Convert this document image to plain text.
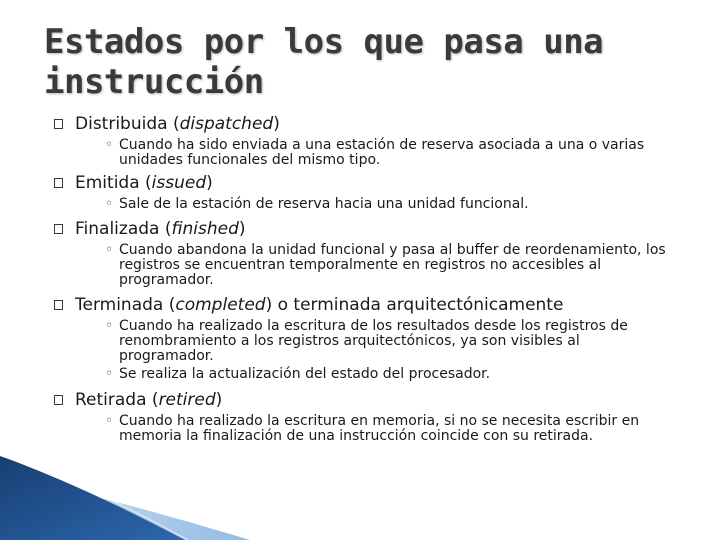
Estados por los que pasa una instrucción
Distribuida (dispatched)
◦ Cuando ha sido enviada a una estación de reserva asociada a una o varias unidades funcionales del mismo tipo.
Emitida (issued)
◦ Sale de la estación de reserva hacia una unidad funcional.
Finalizada (finished)
◦ Cuando abandona la unidad funcional y pasa al buffer de reordenamiento, los registros se encuentran temporalmente en registros no accesibles al programador.
Terminada (completed) o terminada arquitectónicamente
◦ Cuando ha realizado la escritura de los resultados desde los registros de renombramiento a los registros arquitectónicos, ya son visibles al programador.
◦ Se realiza la actualización del estado del procesador.
Retirada (retired)
◦ Cuando ha realizado la escritura en memoria, si no se necesita escribir en memoria la finalización de una instrucción coincide con su retirada.
